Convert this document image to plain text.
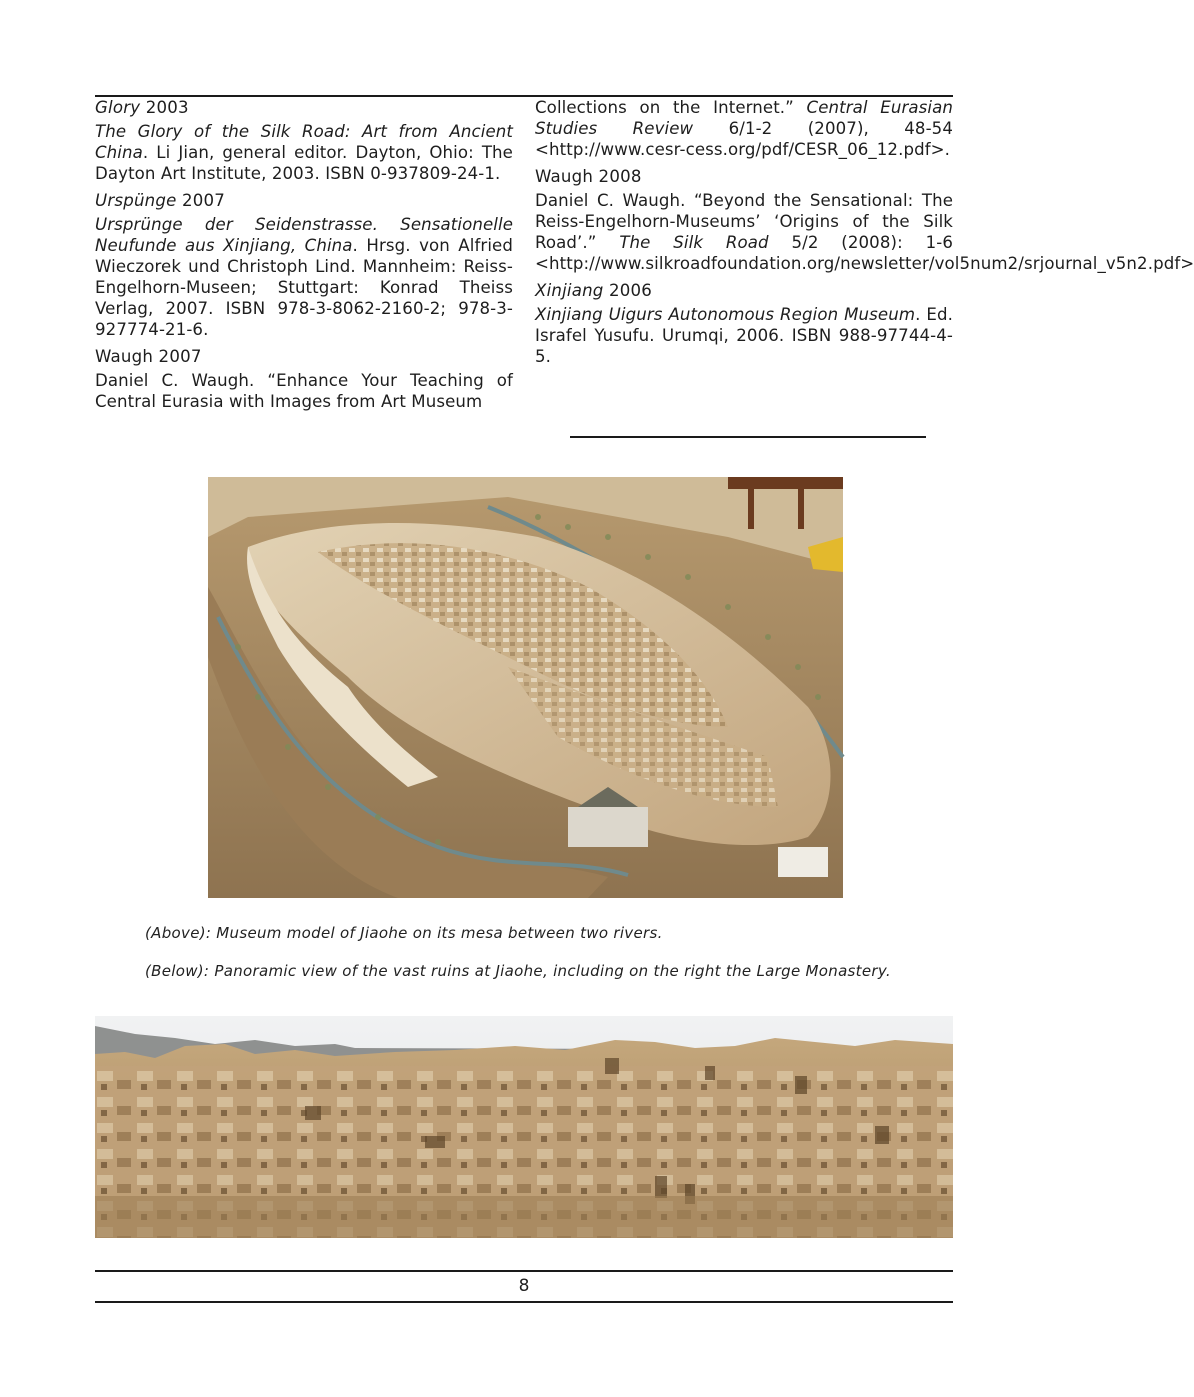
Glory 2003

The Glory of the Silk Road: Art from Ancient China. Li Jian, general editor. Dayton, Ohio: The Dayton Art Institute, 2003. ISBN 0-937809-24-1.

Urspünge 2007

Ursprünge der Seidenstrasse. Sensationelle Neufunde aus Xinjiang, China. Hrsg. von Alfried Wieczorek und Christoph Lind. Mannheim: Reiss-Engelhorn-Museen; Stuttgart: Konrad Theiss Verlag, 2007. ISBN 978-3-8062-2160-2; 978-3-927774-21-6.

Waugh 2007

Daniel C. Waugh. “Enhance Your Teaching of Central Eurasia with Images from Art Museum

Collections on the Internet.” Central Eurasian Studies Review 6/1-2 (2007), 48-54 <http://www.cesr-cess.org/pdf/CESR_06_12.pdf>.

Waugh 2008

Daniel C. Waugh. “Beyond the Sensational: The Reiss-Engelhorn-Museums’ ‘Origins of the Silk Road’.” The Silk Road 5/2 (2008): 1-6 <http://www.silkroadfoundation.org/newsletter/vol5num2/srjournal_v5n2.pdf>

Xinjiang 2006

Xinjiang Uigurs Autonomous Region Museum. Ed. Israfel Yusufu. Urumqi, 2006. ISBN 988-97744-4-5.

(Above): Museum model of Jiaohe on its mesa between two rivers.
(Below): Panoramic view of the vast ruins at Jiaohe, including on the right the Large Monastery.
8
